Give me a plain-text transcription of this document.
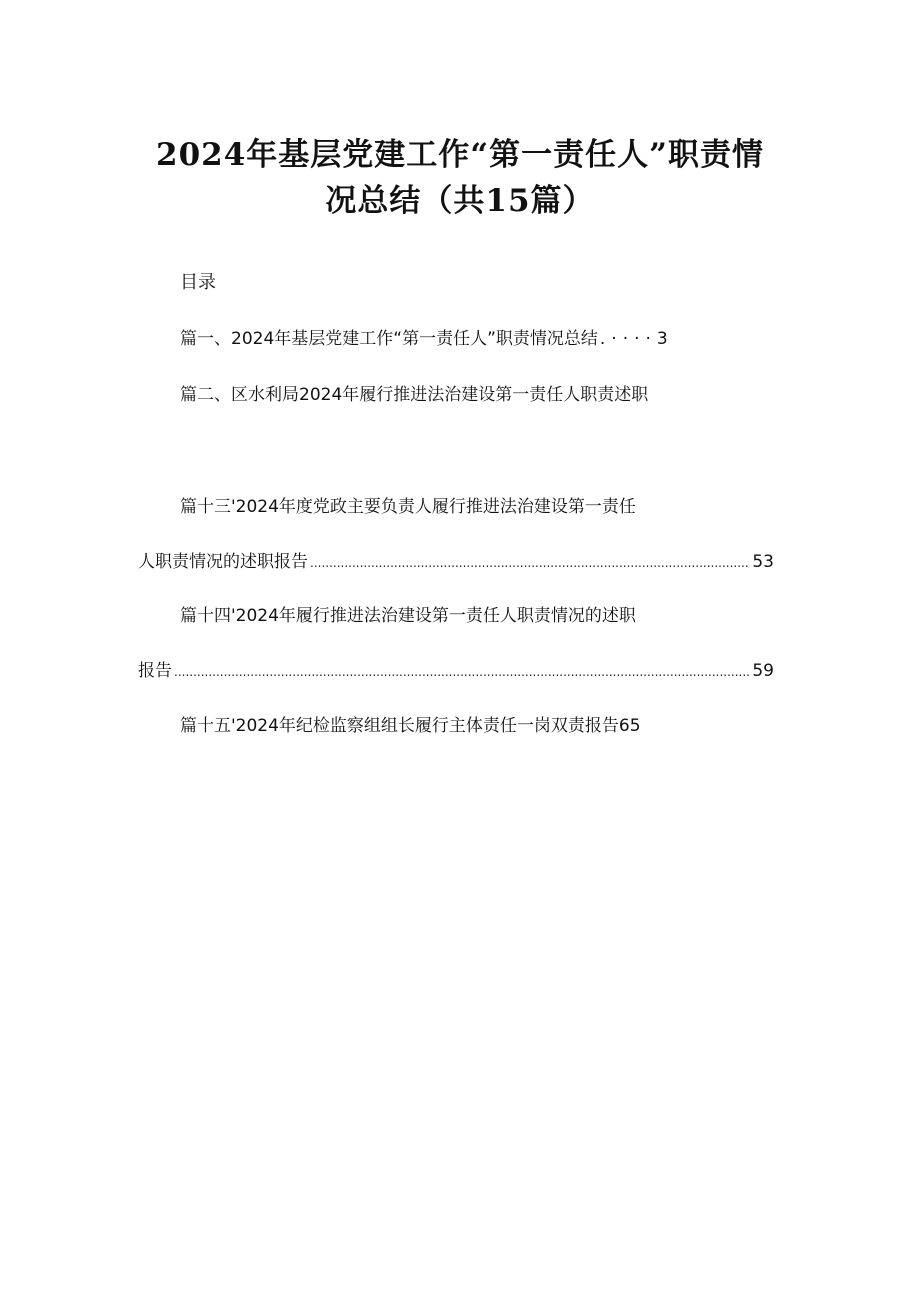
2024年基层党建工作“第一责任人”职责情
况总结（共15篇）
目录
篇一、2024年基层党建工作“第一责任人”职责情况总结 .····3
篇二、区水利局2024年履行推进法治建设第一责任人职责述职
篇十三'2024年度党政主要负责人履行推进法治建设第一责任
人职责情况的述职报告 .....	53
篇十四'2024年履行推进法治建设第一责任人职责情况的述职
报告 .....	59
篇十五'2024年纪检监察组组长履行主体责任一岗双责报告65
